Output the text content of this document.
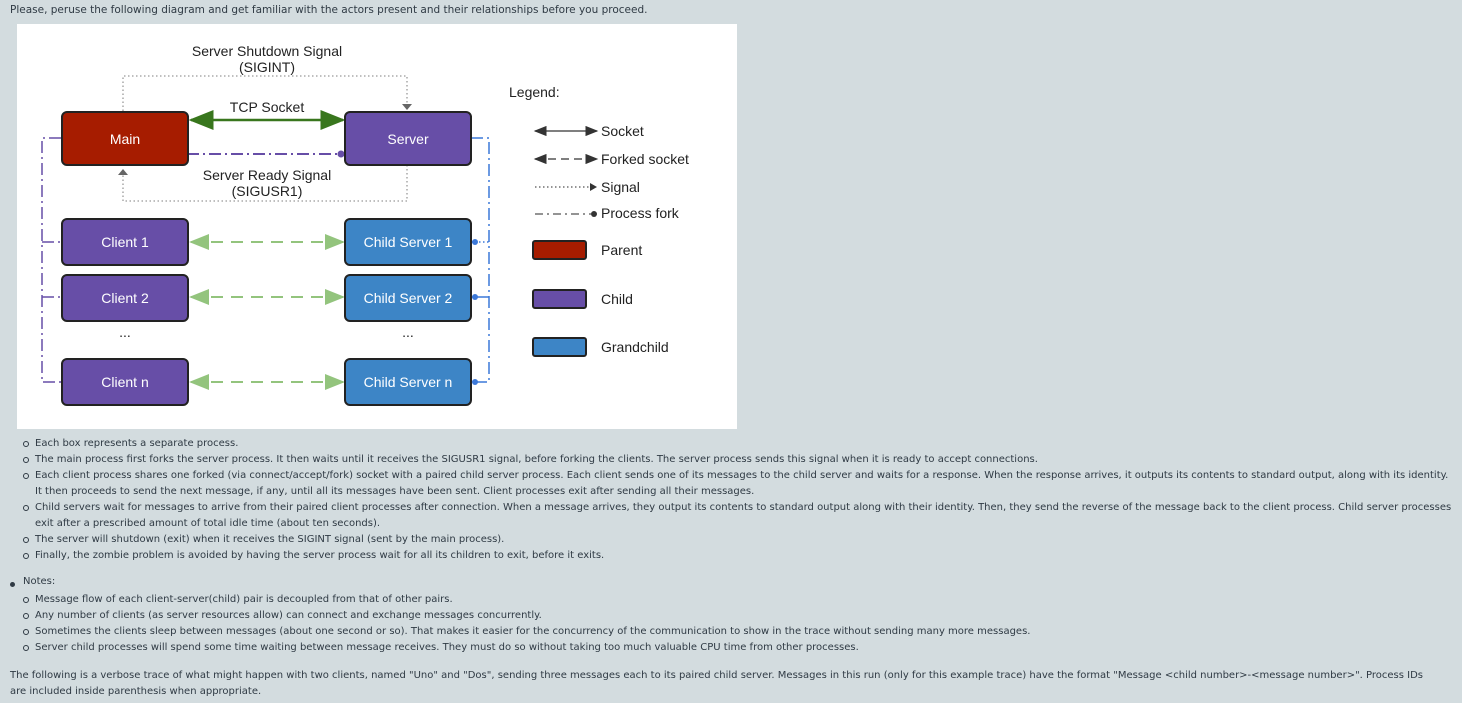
Please, peruse the following diagram and get familiar with the actors present and their relationships before you proceed.
Server Shutdown Signal
(SIGINT)
TCP Socket
Server Ready Signal
(SIGUSR1)
Main	Server
Client 1
Client 2
Client n
Child Server 1
Child Server 2
Child Server n
...	...
Legend:
Socket
Forked socket
Signal
Process fork
Parent
Child
Grandchild
Each box represents a separate process.
The main process first forks the server process. It then waits until it receives the SIGUSR1 signal, before forking the clients. The server process sends this signal when it is ready to accept connections.
Each client process shares one forked (via connect/accept/fork) socket with a paired child server process. Each client sends one of its messages to the child server and waits for a response. When the response arrives, it outputs its contents to standard output, along with its identity. It then proceeds to send the next message, if any, until all its messages have been sent. Client processes exit after sending all their messages.
Child servers wait for messages to arrive from their paired client processes after connection. When a message arrives, they output its contents to standard output along with their identity. Then, they send the reverse of the message back to the client process. Child server processes exit after a prescribed amount of total idle time (about ten seconds).
The server will shutdown (exit) when it receives the SIGINT signal (sent by the main process).
Finally, the zombie problem is avoided by having the server process wait for all its children to exit, before it exits.
Notes:
Message flow of each client-server(child) pair is decoupled from that of other pairs.
Any number of clients (as server resources allow) can connect and exchange messages concurrently.
Sometimes the clients sleep between messages (about one second or so). That makes it easier for the concurrency of the communication to show in the trace without sending many more messages.
Server child processes will spend some time waiting between message receives. They must do so without taking too much valuable CPU time from other processes.
The following is a verbose trace of what might happen with two clients, named "Uno" and "Dos", sending three messages each to its paired child server. Messages in this run (only for this example trace) have the format "Message <child number>-<message number>". Process IDs are included inside parenthesis when appropriate.
